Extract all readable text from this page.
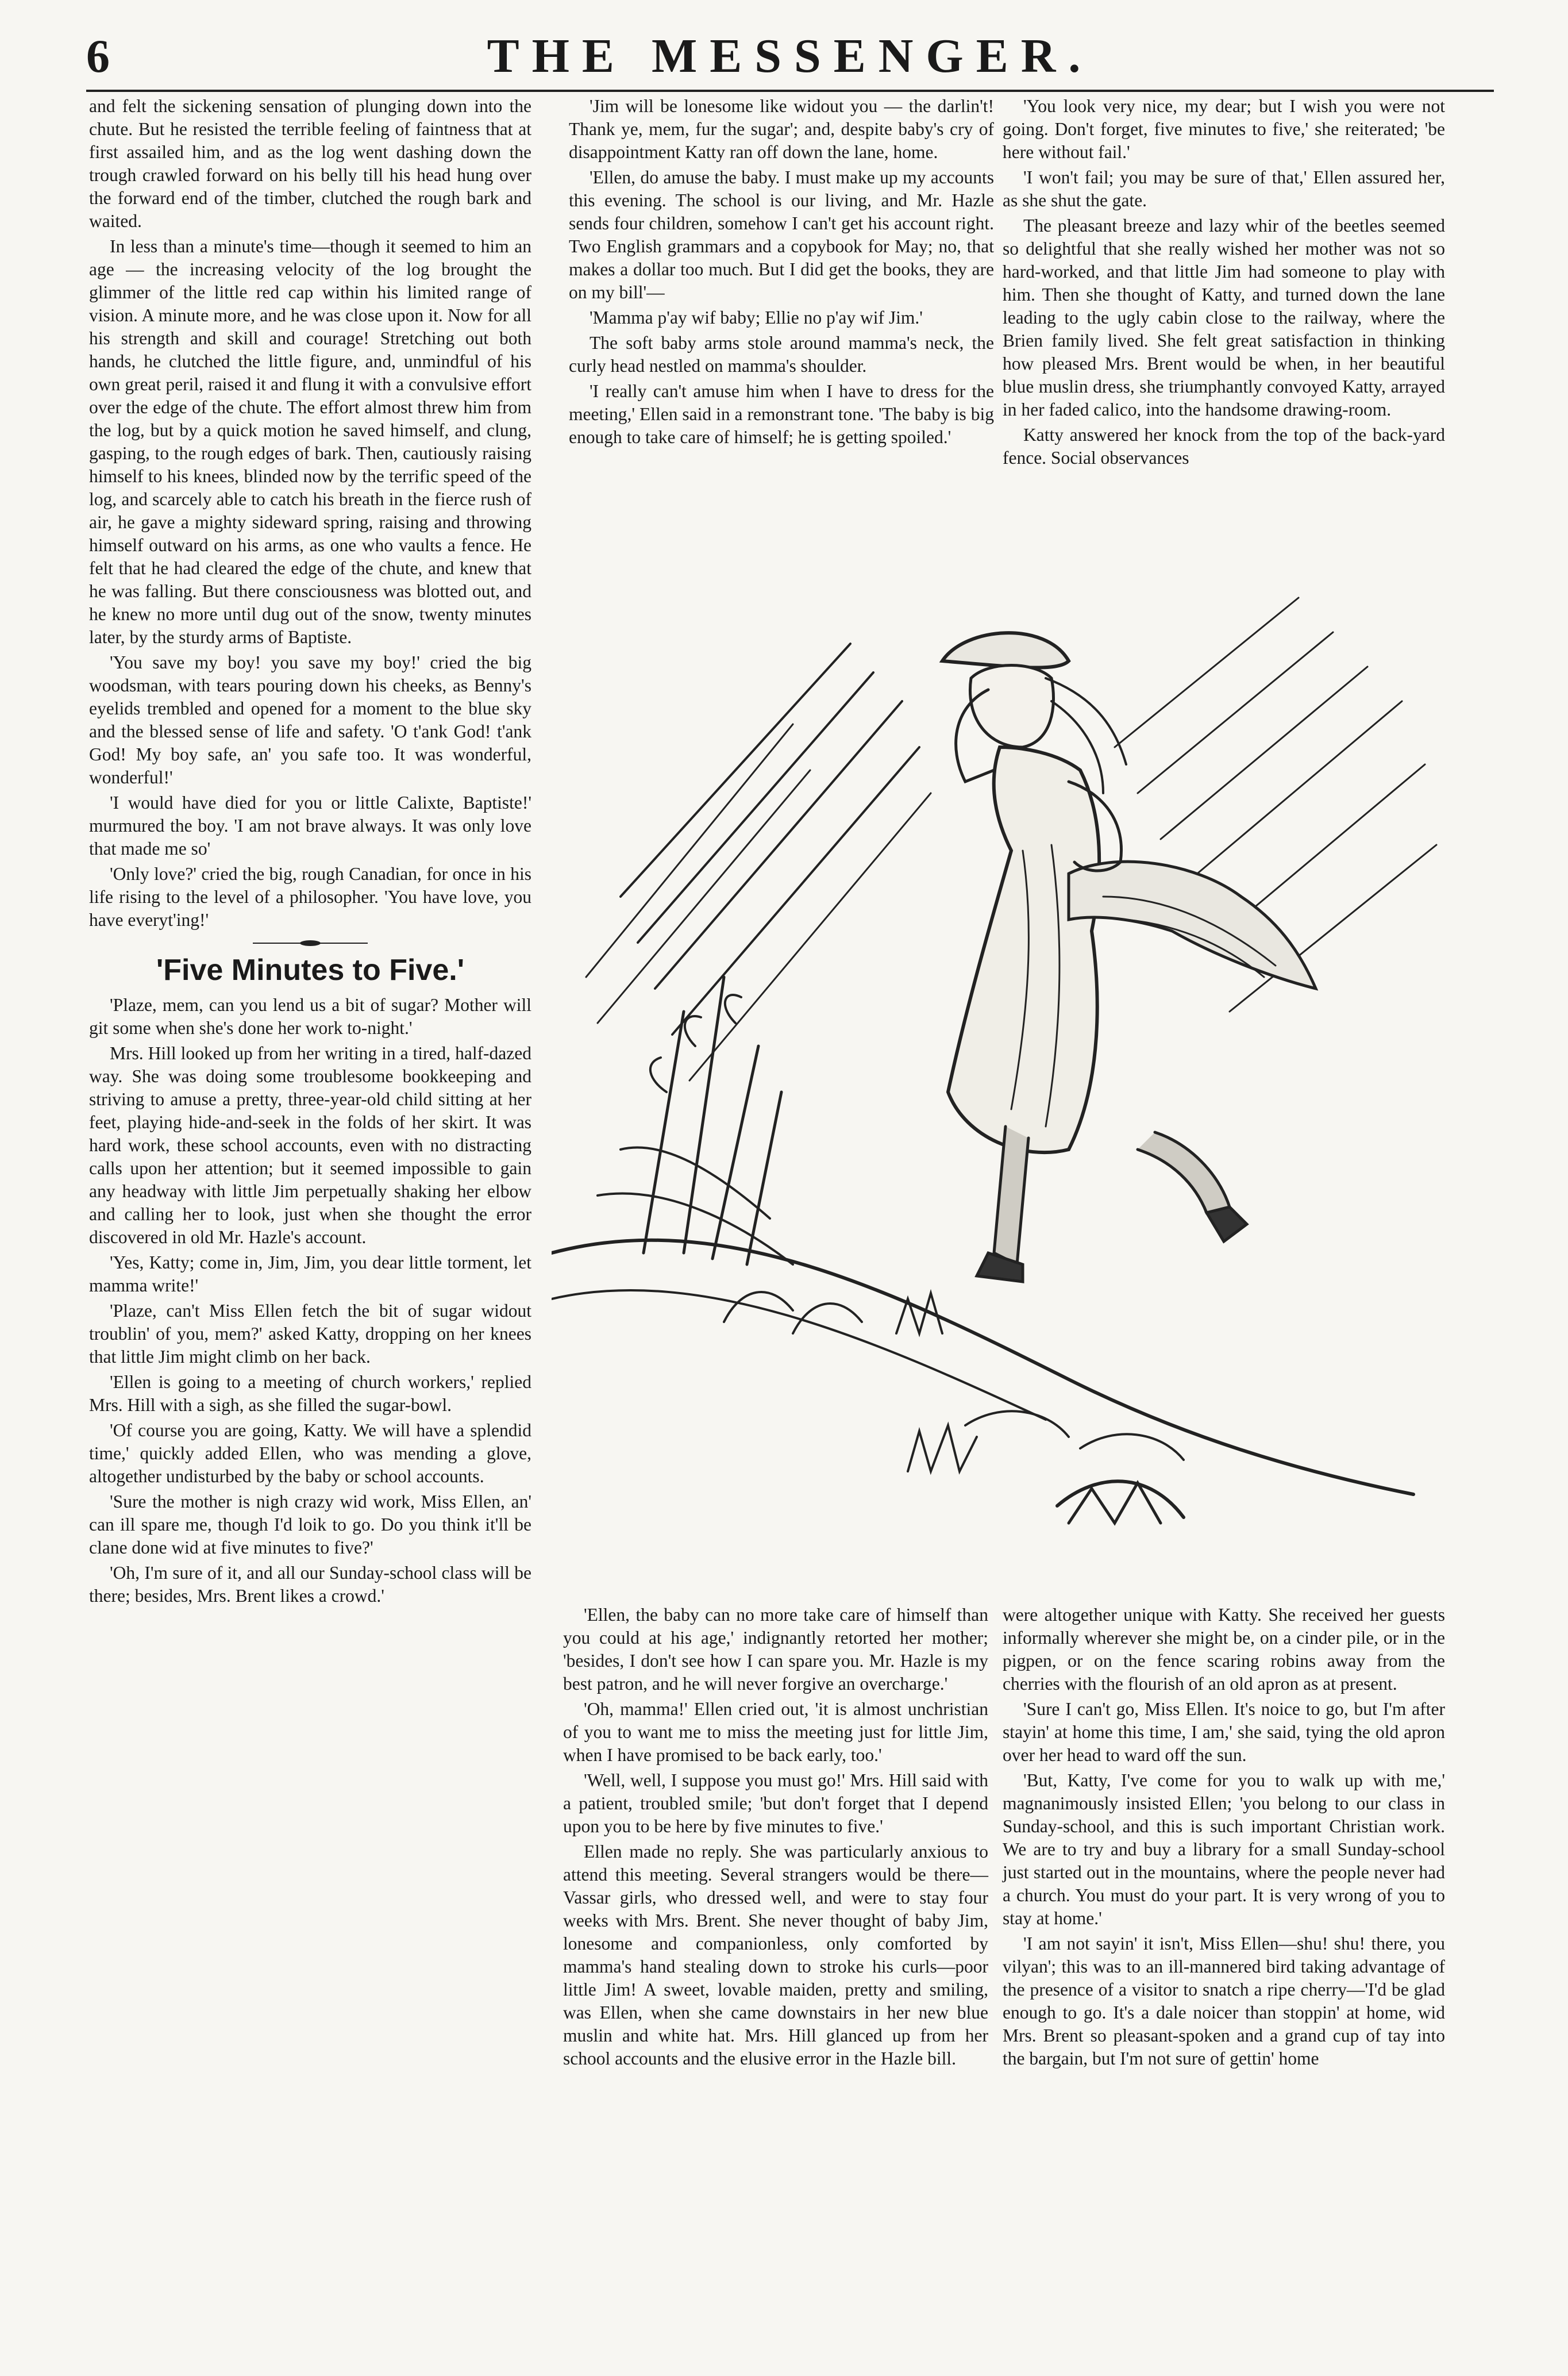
6	THE MESSENGER.

and felt the sickening sensation of plunging down into the chute. But he resisted the terrible feeling of faintness that at first assailed him, and as the log went dashing down the trough crawled forward on his belly till his head hung over the forward end of the timber, clutched the rough bark and waited.

In less than a minute's time—though it seemed to him an age — the increasing velocity of the log brought the glimmer of the little red cap within his limited range of vision. A minute more, and he was close upon it. Now for all his strength and skill and courage! Stretching out both hands, he clutched the little figure, and, unmindful of his own great peril, raised it and flung it with a convulsive effort over the edge of the chute. The effort almost threw him from the log, but by a quick motion he saved himself, and clung, gasping, to the rough edges of bark. Then, cautiously raising himself to his knees, blinded now by the terrific speed of the log, and scarcely able to catch his breath in the fierce rush of air, he gave a mighty sideward spring, raising and throwing himself outward on his arms, as one who vaults a fence. He felt that he had cleared the edge of the chute, and knew that he was falling. But there consciousness was blotted out, and he knew no more until dug out of the snow, twenty minutes later, by the sturdy arms of Baptiste.

'You save my boy! you save my boy!' cried the big woodsman, with tears pouring down his cheeks, as Benny's eyelids trembled and opened for a moment to the blue sky and the blessed sense of life and safety. 'O t'ank God! t'ank God! My boy safe, an' you safe too. It was wonderful, wonderful!'

'I would have died for you or little Calixte, Baptiste!' murmured the boy. 'I am not brave always. It was only love that made me so'

'Only love?' cried the big, rough Canadian, for once in his life rising to the level of a philosopher. 'You have love, you have everyt'ing!'

'Five Minutes to Five.'

'Plaze, mem, can you lend us a bit of sugar? Mother will git some when she's done her work to-night.'

Mrs. Hill looked up from her writing in a tired, half-dazed way. She was doing some troublesome bookkeeping and striving to amuse a pretty, three-year-old child sitting at her feet, playing hide-and-seek in the folds of her skirt. It was hard work, these school accounts, even with no distracting calls upon her attention; but it seemed impossible to gain any headway with little Jim perpetually shaking her elbow and calling her to look, just when she thought the error discovered in old Mr. Hazle's account.

'Yes, Katty; come in, Jim, Jim, you dear little torment, let mamma write!'

'Plaze, can't Miss Ellen fetch the bit of sugar widout troublin' of you, mem?' asked Katty, dropping on her knees that little Jim might climb on her back.

'Ellen is going to a meeting of church workers,' replied Mrs. Hill with a sigh, as she filled the sugar-bowl.

'Of course you are going, Katty. We will have a splendid time,' quickly added Ellen, who was mending a glove, altogether undisturbed by the baby or school accounts.

'Sure the mother is nigh crazy wid work, Miss Ellen, an' can ill spare me, though I'd loik to go. Do you think it'll be clane done wid at five minutes to five?'

'Oh, I'm sure of it, and all our Sunday-school class will be there; besides, Mrs. Brent likes a crowd.'

'Jim will be lonesome like widout you — the darlin't! Thank ye, mem, fur the sugar'; and, despite baby's cry of disappointment Katty ran off down the lane, home.

'Ellen, do amuse the baby. I must make up my accounts this evening. The school is our living, and Mr. Hazle sends four children, somehow I can't get his account right. Two English grammars and a copybook for May; no, that makes a dollar too much. But I did get the books, they are on my bill'—

'Mamma p'ay wif baby; Ellie no p'ay wif Jim.'

The soft baby arms stole around mamma's neck, the curly head nestled on mamma's shoulder.

'I really can't amuse him when I have to dress for the meeting,' Ellen said in a remonstrant tone. 'The baby is big enough to take care of himself; he is getting spoiled.'

'You look very nice, my dear; but I wish you were not going. Don't forget, five minutes to five,' she reiterated; 'be here without fail.'

'I won't fail; you may be sure of that,' Ellen assured her, as she shut the gate.

The pleasant breeze and lazy whir of the beetles seemed so delightful that she really wished her mother was not so hard-worked, and that little Jim had someone to play with him. Then she thought of Katty, and turned down the lane leading to the ugly cabin close to the railway, where the Brien family lived. She felt great satisfaction in thinking how pleased Mrs. Brent would be when, in her beautiful blue muslin dress, she triumphantly convoyed Katty, arrayed in her faded calico, into the handsome drawing-room.

Katty answered her knock from the top of the back-yard fence. Social observances

'Ellen, the baby can no more take care of himself than you could at his age,' indignantly retorted her mother; 'besides, I don't see how I can spare you. Mr. Hazle is my best patron, and he will never forgive an overcharge.'

'Oh, mamma!' Ellen cried out, 'it is almost unchristian of you to want me to miss the meeting just for little Jim, when I have promised to be back early, too.'

'Well, well, I suppose you must go!' Mrs. Hill said with a patient, troubled smile; 'but don't forget that I depend upon you to be here by five minutes to five.'

Ellen made no reply. She was particularly anxious to attend this meeting. Several strangers would be there—Vassar girls, who dressed well, and were to stay four weeks with Mrs. Brent. She never thought of baby Jim, lonesome and companionless, only comforted by mamma's hand stealing down to stroke his curls—poor little Jim! A sweet, lovable maiden, pretty and smiling, was Ellen, when she came downstairs in her new blue muslin and white hat. Mrs. Hill glanced up from her school accounts and the elusive error in the Hazle bill.

were altogether unique with Katty. She received her guests informally wherever she might be, on a cinder pile, or in the pigpen, or on the fence scaring robins away from the cherries with the flourish of an old apron as at present.

'Sure I can't go, Miss Ellen. It's noice to go, but I'm after stayin' at home this time, I am,' she said, tying the old apron over her head to ward off the sun.

'But, Katty, I've come for you to walk up with me,' magnanimously insisted Ellen; 'you belong to our class in Sunday-school, and this is such important Christian work. We are to try and buy a library for a small Sunday-school just started out in the mountains, where the people never had a church. You must do your part. It is very wrong of you to stay at home.'

'I am not sayin' it isn't, Miss Ellen—shu! shu! there, you vilyan'; this was to an ill-mannered bird taking advantage of the presence of a visitor to snatch a ripe cherry—'I'd be glad enough to go. It's a dale noicer than stoppin' at home, wid Mrs. Brent so pleasant-spoken and a grand cup of tay into the bargain, but I'm not sure of gettin' home
